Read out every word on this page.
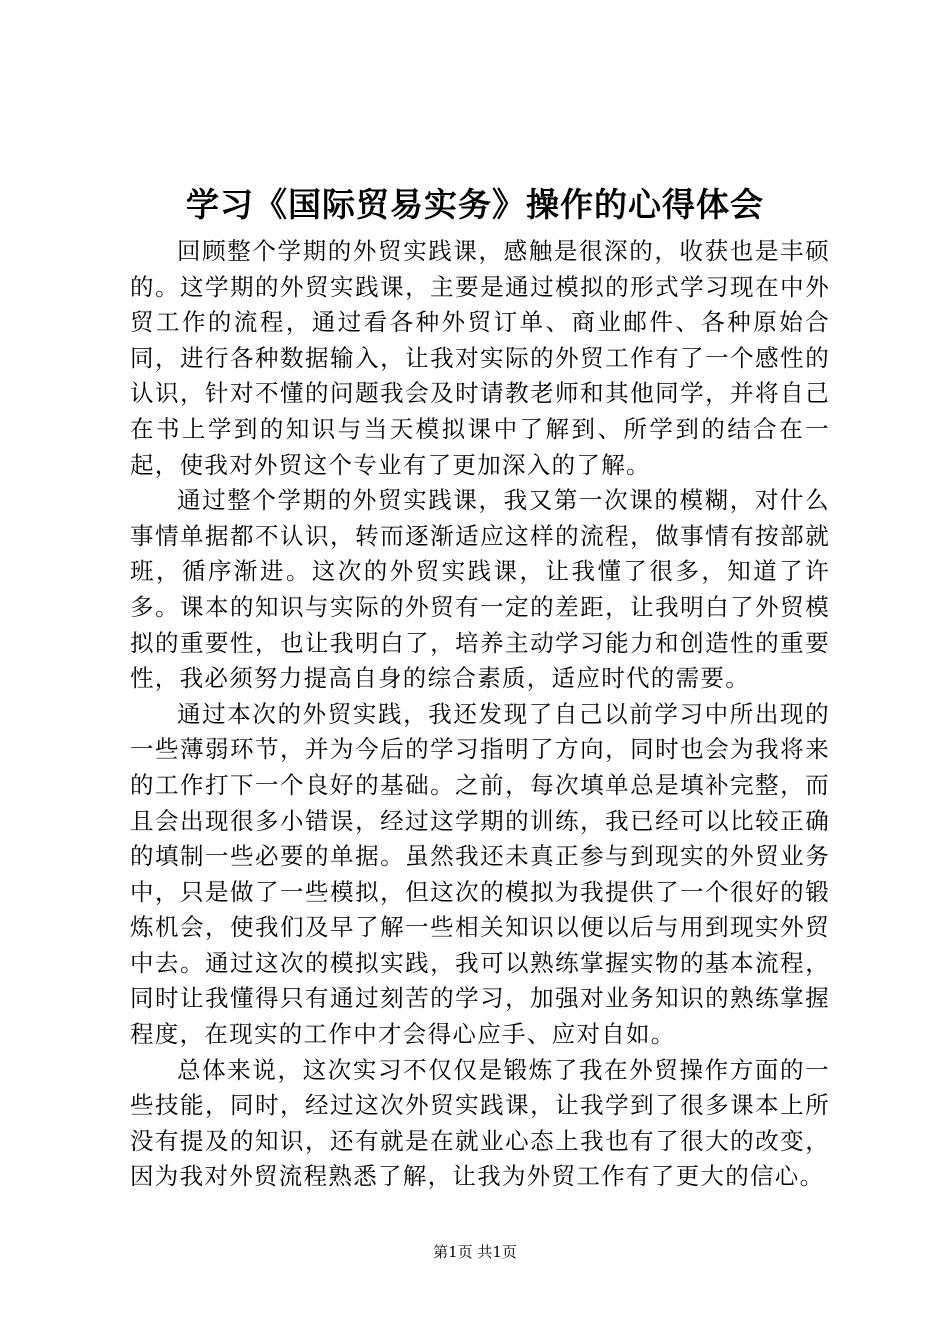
学习《国际贸易实务》操作的心得体会

回顾整个学期的外贸实践课，感触是很深的，收获也是丰硕的。这学期的外贸实践课，主要是通过模拟的形式学习现在中外贸工作的流程，通过看各种外贸订单、商业邮件、各种原始合同，进行各种数据输入，让我对实际的外贸工作有了一个感性的认识，针对不懂的问题我会及时请教老师和其他同学，并将自己在书上学到的知识与当天模拟课中了解到、所学到的结合在一起，使我对外贸这个专业有了更加深入的了解。

通过整个学期的外贸实践课，我又第一次课的模糊，对什么事情单据都不认识，转而逐渐适应这样的流程，做事情有按部就班，循序渐进。这次的外贸实践课，让我懂了很多，知道了许多。课本的知识与实际的外贸有一定的差距，让我明白了外贸模拟的重要性，也让我明白了，培养主动学习能力和创造性的重要性，我必须努力提高自身的综合素质，适应时代的需要。

通过本次的外贸实践，我还发现了自己以前学习中所出现的一些薄弱环节，并为今后的学习指明了方向，同时也会为我将来的工作打下一个良好的基础。之前，每次填单总是填补完整，而且会出现很多小错误，经过这学期的训练，我已经可以比较正确的填制一些必要的单据。虽然我还未真正参与到现实的外贸业务中，只是做了一些模拟，但这次的模拟为我提供了一个很好的锻炼机会，使我们及早了解一些相关知识以便以后与用到现实外贸中去。通过这次的模拟实践，我可以熟练掌握实物的基本流程，同时让我懂得只有通过刻苦的学习，加强对业务知识的熟练掌握程度，在现实的工作中才会得心应手、应对自如。

总体来说，这次实习不仅仅是锻炼了我在外贸操作方面的一些技能，同时，经过这次外贸实践课，让我学到了很多课本上所没有提及的知识，还有就是在就业心态上我也有了很大的改变，因为我对外贸流程熟悉了解，让我为外贸工作有了更大的信心。

第1页 共1页
